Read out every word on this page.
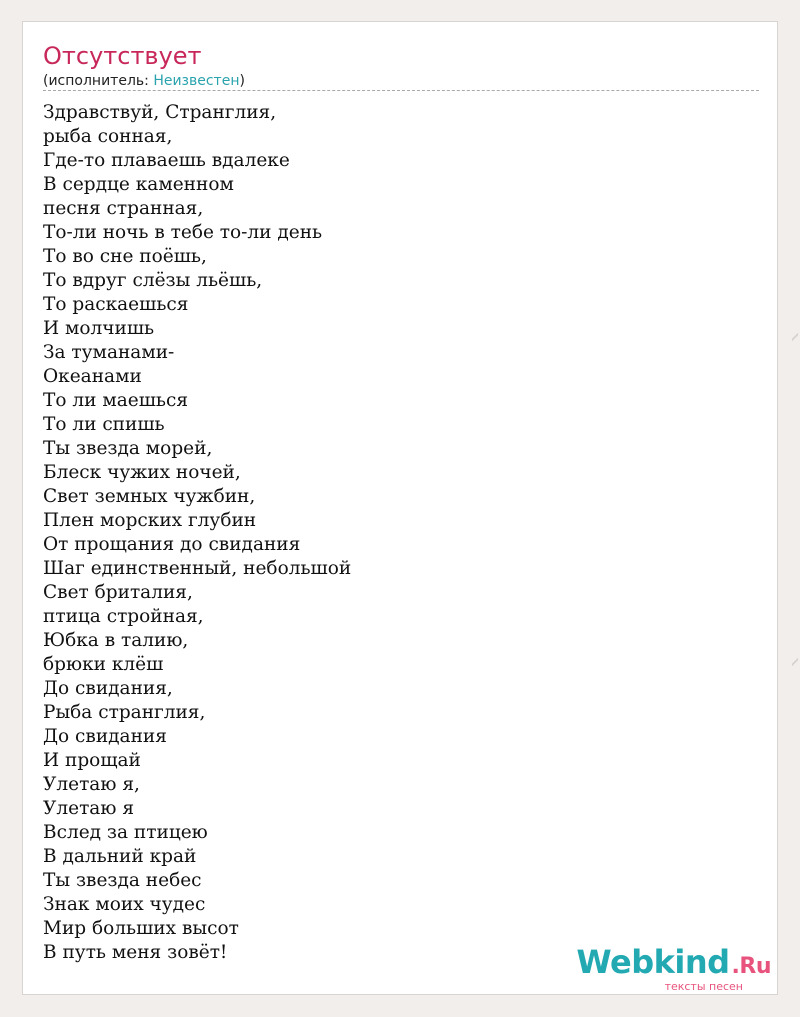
Отсутствует
(исполнитель: Неизвестен)
Здравствуй, Странглия,
рыба сонная,
Где-то плаваешь вдалеке
В сердце каменном
песня странная,
То-ли ночь в тебе то-ли день
То во сне поёшь,
То вдруг слёзы льёшь,
То раскаешься
И молчишь
За туманами-
Океанами
То ли маешься
То ли спишь
Ты звезда морей,
Блеск чужих ночей,
Свет земных чужбин,
Плен морских глубин
От прощания до свидания
Шаг единственный, небольшой
Свет бриталия,
птица стройная,
Юбка в талию,
брюки клёш
До свидания,
Рыба странглия,
До свидания
И прощай
Улетаю я,
Улетаю я
Вслед за птицею
В дальний край
Ты звезда небес
Знак моих чудес
Мир больших высот
В путь меня зовёт!	Webkind.Ru
тексты песен
